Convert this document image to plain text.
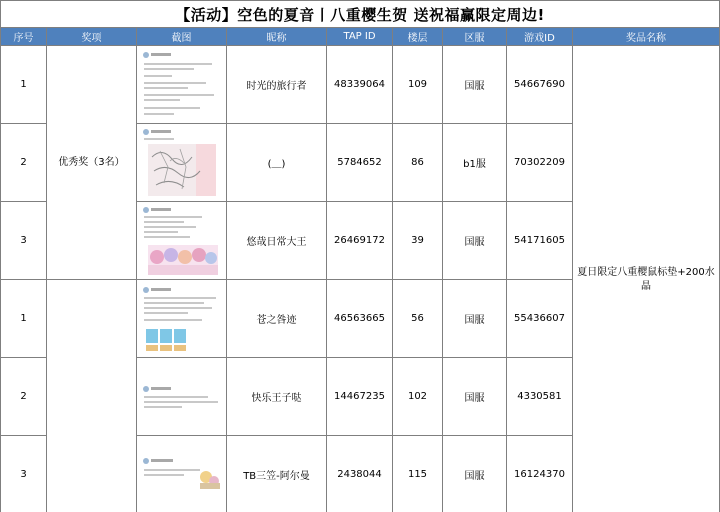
【活动】空色的夏音丨八重樱生贺 送祝福赢限定周边!									
序号	奖项	截图	昵称	TAP ID	楼层	区服	游戏ID	奖品名称	
1	优秀奖（3名）		时光的旅行者	48339064	109	国服	54667690	夏日限定八重樱鼠标垫+200水晶	
2			(＿)	5784652	86	b1服	70302209		
3			悠哉日常大王	26469172	39	国服	54171605		
1			苍之咎迹	46563665	56	国服	55436607		
2			快乐王子哒	14467235	102	国服	4330581		
3			TB三笠-阿尔曼	2438044	115	国服	16124370		
